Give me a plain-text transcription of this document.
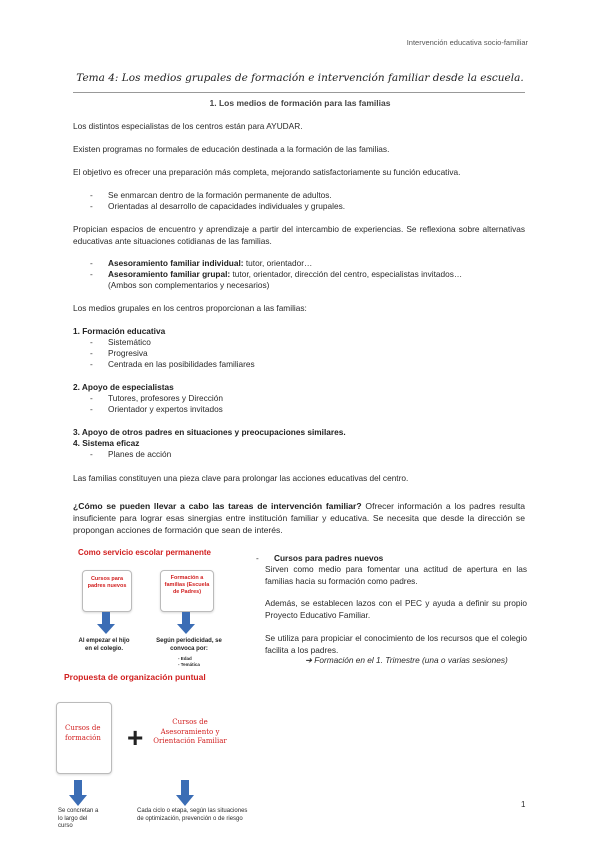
Intervención educativa socio-familiar
Tema 4: Los medios grupales de formación e intervención familiar desde la escuela.
1. Los medios de formación para las familias
Los distintos especialistas de los centros están para AYUDAR.
Existen programas no formales de educación destinada a la formación de las familias.
El objetivo es ofrecer una preparación más completa, mejorando satisfactoriamente su función educativa.
- Se enmarcan dentro de la formación permanente de adultos.
- Orientadas al desarrollo de capacidades individuales y grupales.
Propician espacios de encuentro y aprendizaje a partir del intercambio de experiencias. Se reflexiona sobre alternativas educativas ante situaciones cotidianas de las familias.
- Asesoramiento familiar individual: tutor, orientador…
- Asesoramiento familiar grupal: tutor, orientador, dirección del centro, especialistas invitados…
(Ambos son complementarios y necesarios)
Los medios grupales en los centros proporcionan a las familias:
1. Formación educativa
- Sistemático
- Progresiva
- Centrada en las posibilidades familiares
2. Apoyo de especialistas
- Tutores, profesores y Dirección
- Orientador y expertos invitados
3. Apoyo de otros padres en situaciones y preocupaciones similares.
4. Sistema eficaz
- Planes de acción
Las familias constituyen una pieza clave para prolongar las acciones educativas del centro.
¿Cómo se pueden llevar a cabo las tareas de intervención familiar? Ofrecer información a los padres resulta insuficiente para lograr esas sinergias entre institución familiar y educativa. Se necesita que desde la dirección se propongan acciones de formación que sean de interés.
Como servicio escolar permanente
Cursos para padres nuevos
Formación a familias (Escuela de Padres)
Al empezar el hijo en el colegio.
Según periodicidad, se convoca por:
- Edad
- Temática
Propuesta de organización puntual
Cursos de formación +	Cursos de Asesoramiento y Orientación Familiar
Se concretan a lo largo del curso
Cada ciclo o etapa, según las situaciones de optimización, prevención o de riesgo
- Cursos para padres nuevos
Sirven como medio para fomentar una actitud de apertura en las familias hacia su formación como padres.
Además, se establecen lazos con el PEC y ayuda a definir su propio Proyecto Educativo Familiar.
Se utiliza para propiciar el conocimiento de los recursos que el colegio facilita a los padres.
➔ Formación en el 1. Trimestre (una o varias sesiones)
1
